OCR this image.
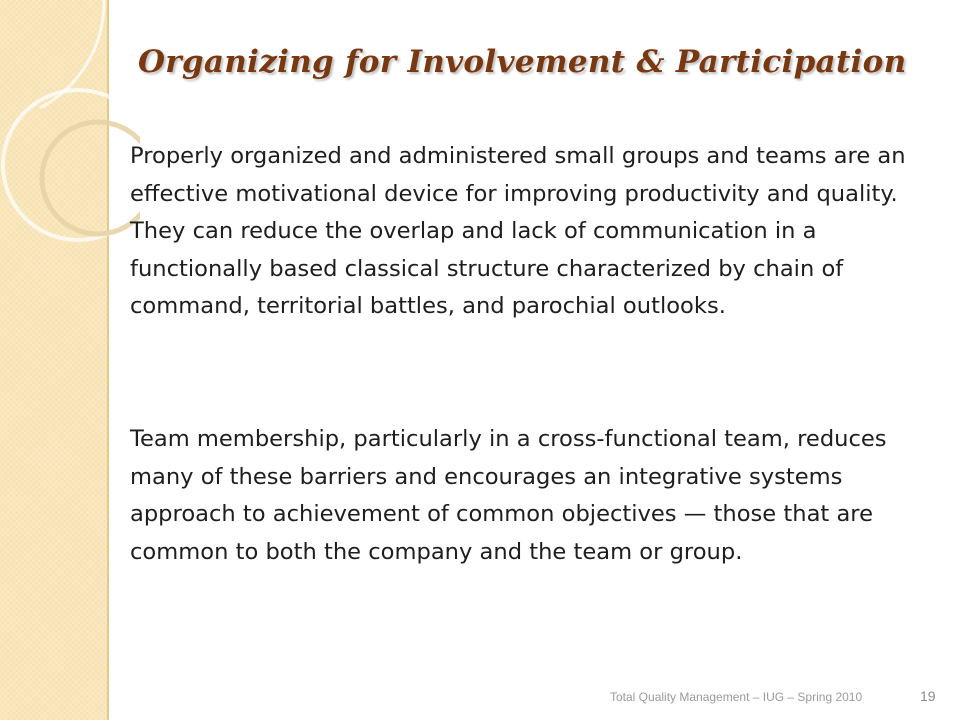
Organizing for Involvement & Participation

Properly organized and administered small groups and teams are an effective motivational device for improving productivity and quality. They can reduce the overlap and lack of communication in a functionally based classical structure characterized by chain of command, territorial battles, and parochial outlooks.

Team membership, particularly in a cross-functional team, reduces many of these barriers and encourages an integrative systems approach to achievement of common objectives — those that are common to both the company and the team or group.

Total Quality Management – IUG – Spring 2010	19
